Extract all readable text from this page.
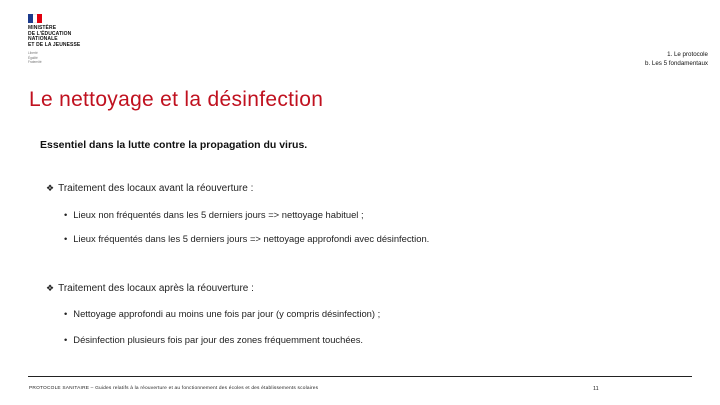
MINISTÈRE
DE L'ÉDUCATION
NATIONALE
ET DE LA JEUNESSE
Liberté
Égalité
Fraternité
1. Le protocole
b. Les 5 fondamentaux
Le nettoyage et la désinfection
Essentiel dans la lutte contre la propagation du virus.
❖ Traitement des locaux avant la réouverture :
• Lieux non fréquentés dans les 5 derniers jours => nettoyage habituel ;
• Lieux fréquentés dans les 5 derniers jours => nettoyage approfondi avec désinfection.
❖ Traitement des locaux après la réouverture :
• Nettoyage approfondi au moins une fois par jour (y compris désinfection) ;
• Désinfection plusieurs fois par jour des zones fréquemment touchées.
PROTOCOLE SANITAIRE – Guides relatifs à la réouverture et au fonctionnement des écoles et des établissements scolaires	11
